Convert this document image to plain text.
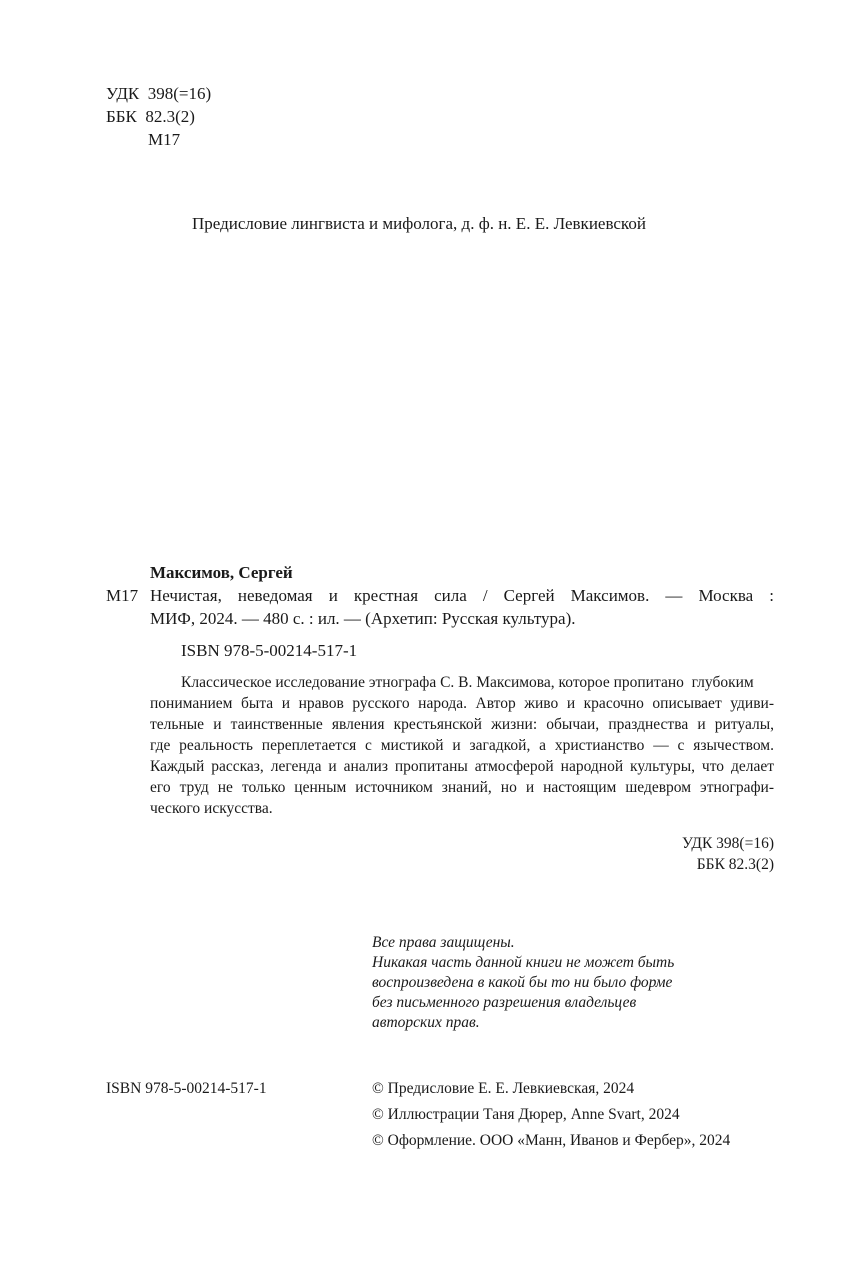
УДК  398(=16)
ББК  82.3(2)
М17
Предисловие лингвиста и мифолога, д. ф. н. Е. Е. Левкиевской
Максимов, Сергей
М17 Нечистая, неведомая и крестная сила / Сергей Максимов. — Москва :
МИФ, 2024. — 480 с. : ил. — (Архетип: Русская культура).
ISBN 978-5-00214-517-1
Классическое исследование этнографа С. В. Максимова, которое пропитано  глубоким
пониманием быта и нравов русского народа. Автор живо и красочно описывает удиви-
тельные и таинственные явления крестьянской жизни: обычаи, празднества и ритуалы,
где реальность переплетается с мистикой и загадкой, а христианство — с язычеством.
Каждый рассказ, легенда и анализ пропитаны атмосферой народной культуры, что делает
его труд не только ценным источником знаний, но и настоящим шедевром этнографи-
ческого искусства.
УДК 398(=16)
ББК 82.3(2)
Все права защищены.
Никакая часть данной книги не может быть
воспроизведена в какой бы то ни было форме
без письменного разрешения владельцев
авторских прав.
ISBN 978-5-00214-517-1	© Предисловие Е. Е. Левкиевская, 2024
© Иллюстрации Таня Дюрер, Anne Svart, 2024
© Оформление. ООО «Манн, Иванов и Фербер», 2024
